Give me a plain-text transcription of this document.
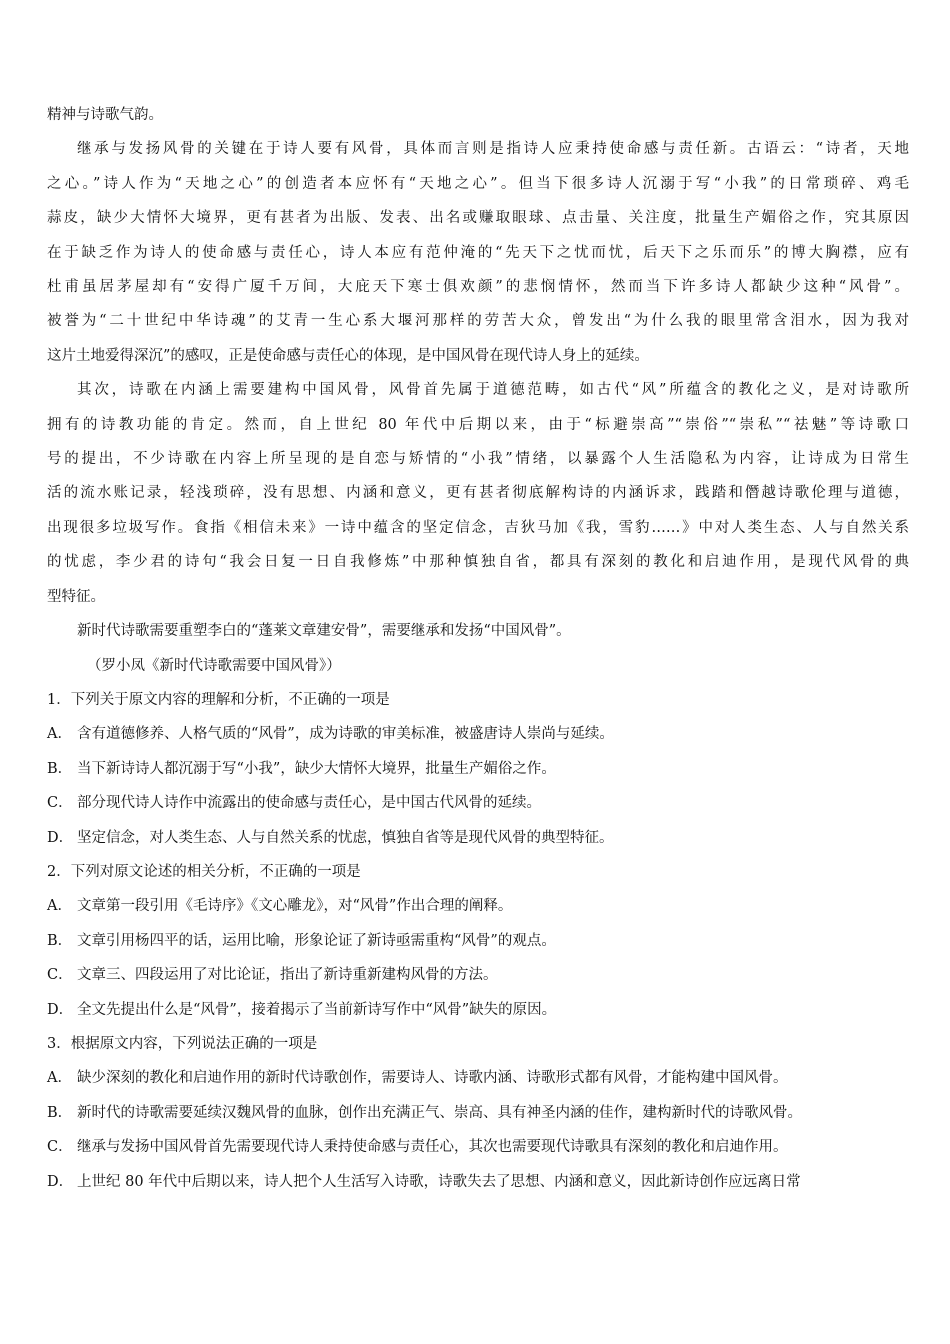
精神与诗歌气韵。

继承与发扬风骨的关键在于诗人要有风骨，具体而言则是指诗人应秉持使命感与责任新。古语云：“诗者，天地

之心。”诗人作为“天地之心”的创造者本应怀有“天地之心”。但当下很多诗人沉溺于写“小我”的日常琐碎、鸡毛

蒜皮，缺少大情怀大境界，更有甚者为出版、发表、出名或赚取眼球、点击量、关注度，批量生产媚俗之作，究其原因

在于缺乏作为诗人的使命感与责任心，诗人本应有范仲淹的“先天下之忧而忧，后天下之乐而乐”的博大胸襟，应有

杜甫虽居茅屋却有“安得广厦千万间，大庇天下寒士俱欢颜”的悲悯情怀，然而当下许多诗人都缺少这种“风骨”。

被誉为“二十世纪中华诗魂”的艾青一生心系大堰河那样的劳苦大众，曾发出“为什么我的眼里常含泪水，因为我对

这片土地爱得深沉”的感叹，正是使命感与责任心的体现，是中国风骨在现代诗人身上的延续。

其次，诗歌在内涵上需要建构中国风骨，风骨首先属于道德范畴，如古代“风”所蕴含的教化之义，是对诗歌所

拥有的诗教功能的肯定。然而，自上世纪 80 年代中后期以来，由于“标避崇高”“崇俗”“崇私”“祛魅”等诗歌口

号的提出，不少诗歌在内容上所呈现的是自恋与矫情的“小我”情绪，以暴露个人生活隐私为内容，让诗成为日常生

活的流水账记录，轻浅琐碎，没有思想、内涵和意义，更有甚者彻底解构诗的内涵诉求，践踏和僭越诗歌伦理与道德，

出现很多垃圾写作。食指《相信未来》一诗中蕴含的坚定信念，吉狄马加《我，雪豹……》中对人类生态、人与自然关系

的忧虑，李少君的诗句“我会日复一日自我修炼”中那种慎独自省，都具有深刻的教化和启迪作用，是现代风骨的典

型特征。

新时代诗歌需要重塑李白的“蓬莱文章建安骨”，需要继承和发扬“中国风骨”。

（罗小凤《新时代诗歌需要中国风骨》）

1．下列关于原文内容的理解和分析，不正确的一项是

A． 含有道德修养、人格气质的“风骨”，成为诗歌的审美标准，被盛唐诗人崇尚与延续。

B． 当下新诗诗人都沉溺于写“小我”，缺少大情怀大境界，批量生产媚俗之作。

C． 部分现代诗人诗作中流露出的使命感与责任心，是中国古代风骨的延续。

D． 坚定信念，对人类生态、人与自然关系的忧虑，慎独自省等是现代风骨的典型特征。

2．下列对原文论述的相关分析，不正确的一项是

A． 文章第一段引用《毛诗序》《文心雕龙》，对“风骨”作出合理的阐释。

B． 文章引用杨四平的话，运用比喻，形象论证了新诗亟需重构“风骨”的观点。

C． 文章三、四段运用了对比论证，指出了新诗重新建构风骨的方法。

D． 全文先提出什么是“风骨”，接着揭示了当前新诗写作中“风骨”缺失的原因。

3．根据原文内容，下列说法正确的一项是

A． 缺少深刻的教化和启迪作用的新时代诗歌创作，需要诗人、诗歌内涵、诗歌形式都有风骨，才能构建中国风骨。

B． 新时代的诗歌需要延续汉魏风骨的血脉，创作出充满正气、崇高、具有神圣内涵的佳作，建构新时代的诗歌风骨。

C． 继承与发扬中国风骨首先需要现代诗人秉持使命感与责任心，其次也需要现代诗歌具有深刻的教化和启迪作用。

D． 上世纪 80 年代中后期以来，诗人把个人生活写入诗歌，诗歌失去了思想、内涵和意义，因此新诗创作应远离日常
